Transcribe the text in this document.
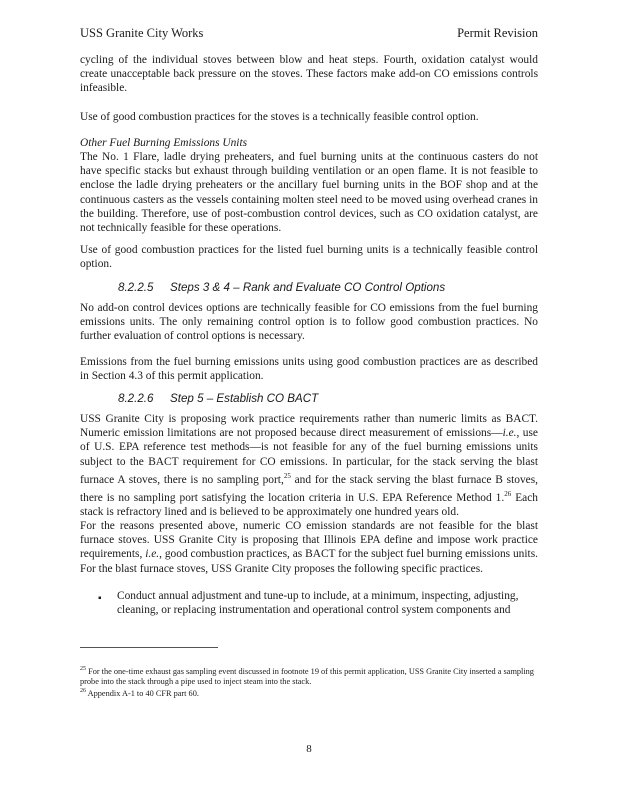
USS Granite City Works	Permit Revision
cycling of the individual stoves between blow and heat steps. Fourth, oxidation catalyst would create unacceptable back pressure on the stoves. These factors make add-on CO emissions controls infeasible.
Use of good combustion practices for the stoves is a technically feasible control option.
Other Fuel Burning Emissions Units
The No. 1 Flare, ladle drying preheaters, and fuel burning units at the continuous casters do not have specific stacks but exhaust through building ventilation or an open flame. It is not feasible to enclose the ladle drying preheaters or the ancillary fuel burning units in the BOF shop and at the continuous casters as the vessels containing molten steel need to be moved using overhead cranes in the building. Therefore, use of post-combustion control devices, such as CO oxidation catalyst, are not technically feasible for these operations.
Use of good combustion practices for the listed fuel burning units is a technically feasible control option.
8.2.2.5 Steps 3 & 4 – Rank and Evaluate CO Control Options
No add-on control devices options are technically feasible for CO emissions from the fuel burning emissions units. The only remaining control option is to follow good combustion practices. No further evaluation of control options is necessary.
Emissions from the fuel burning emissions units using good combustion practices are as described in Section 4.3 of this permit application.
8.2.2.6 Step 5 – Establish CO BACT
USS Granite City is proposing work practice requirements rather than numeric limits as BACT. Numeric emission limitations are not proposed because direct measurement of emissions—i.e., use of U.S. EPA reference test methods—is not feasible for any of the fuel burning emissions units subject to the BACT requirement for CO emissions. In particular, for the stack serving the blast furnace A stoves, there is no sampling port,$^{25}$ and for the stack serving the blast furnace B stoves, there is no sampling port satisfying the location criteria in U.S. EPA Reference Method 1.26 Each stack is refractory lined and is believed to be approximately one hundred years old.
For the reasons presented above, numeric CO emission standards are not feasible for the blast furnace stoves. USS Granite City is proposing that Illinois EPA define and impose work practice requirements, i.e., good combustion practices, as BACT for the subject fuel burning emissions units. For the blast furnace stoves, USS Granite City proposes the following specific practices.
▪ Conduct annual adjustment and tune-up to include, at a minimum, inspecting, adjusting, cleaning, or replacing instrumentation and operational control system components and
$^{25}$ For the one-time exhaust gas sampling event discussed in footnote 19 of this permit application, USS Granite City inserted a sampling probe into the stack through a pipe used to inject steam into the stack.
$^{26}$ Appendix A-1 to 40 CFR part 60.
8
